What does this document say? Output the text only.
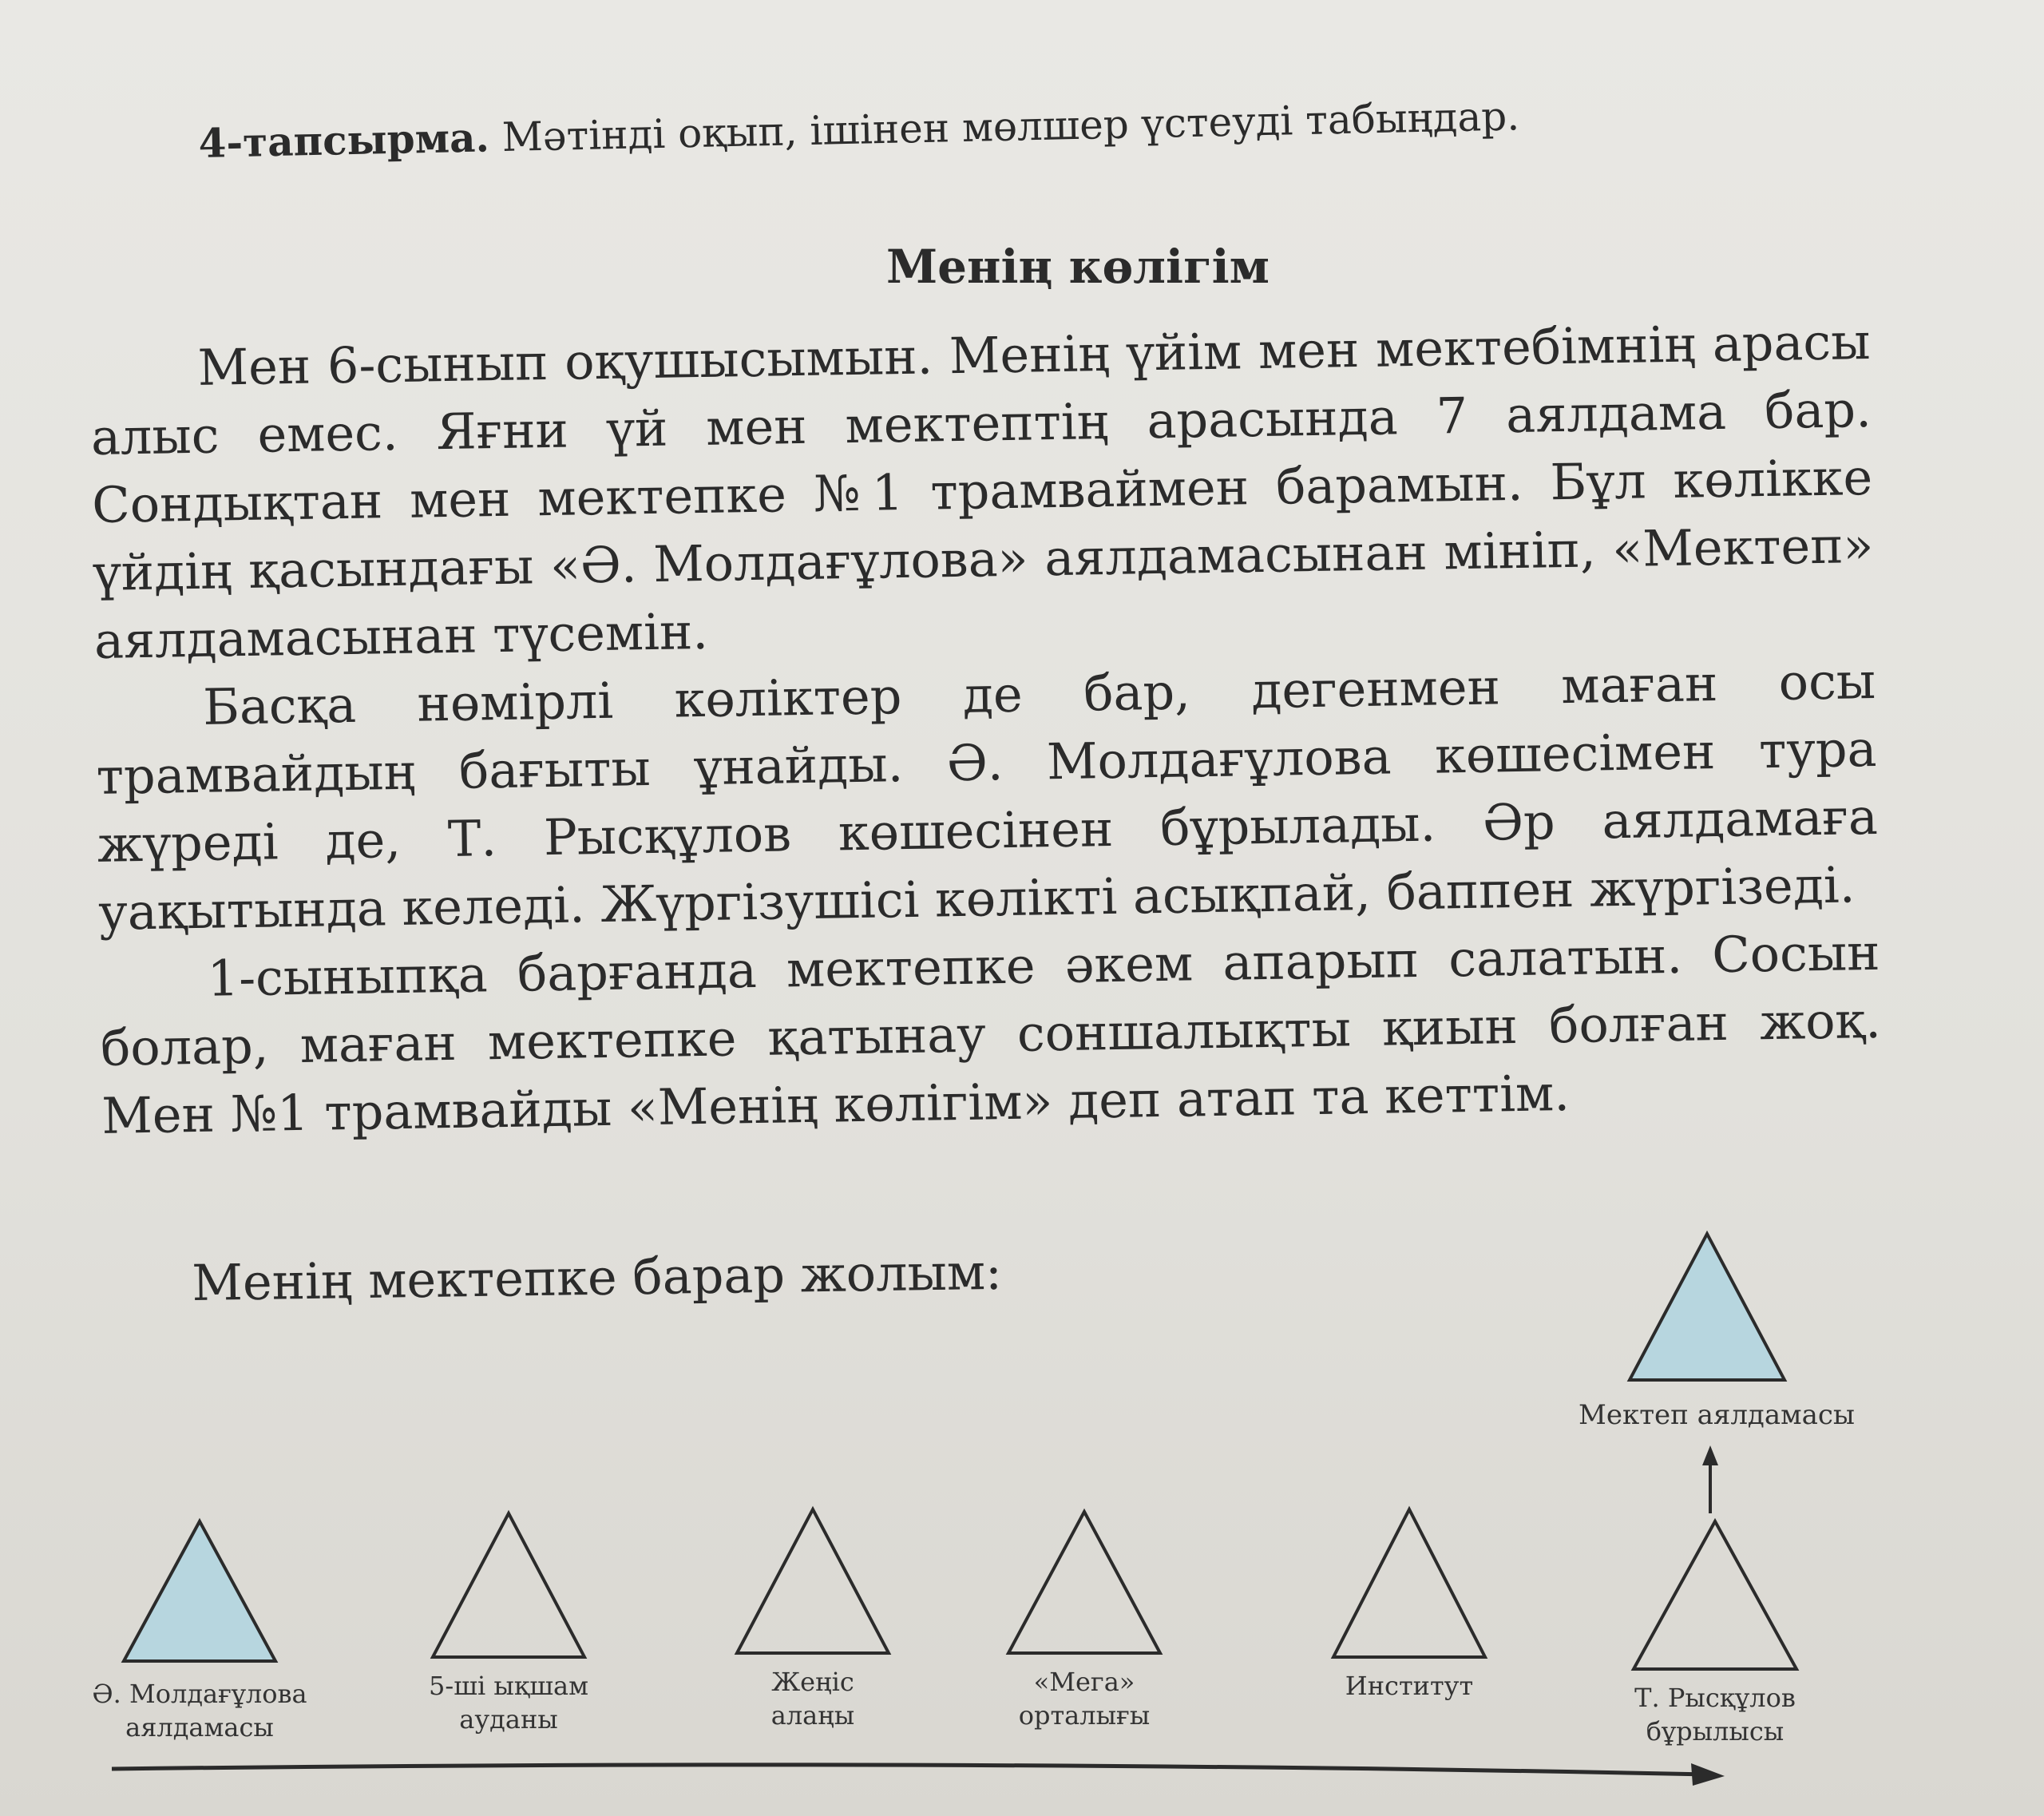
4-тапсырма. Мәтінді оқып, ішінен мөлшер үстеуді табыңдар.
Менің көлігім

Мен 6-сынып оқушысымын. Менің үйім мен мектебімнің арасы алыс емес. Яғни үй мен мектептің арасында 7 аялдама бар. Сондықтан мен мектепке №1 трамваймен барамын. Бұл көлікке үйдің қасындағы «Ә. Молдағұлова» аялдамасынан мініп, «Мектеп» аялдамасынан түсемін.

Басқа нөмірлі көліктер де бар, дегенмен маған осы трамвайдың бағыты ұнайды. Ә. Молдағұлова көшесімен тура жүреді де, Т. Рысқұлов көшесінен бұрылады. Әр аялдамаға уақытында келеді. Жүргізушісі көлікті асықпай, баппен жүргізеді.

1-сыныпқа барғанда мектепке әкем апарып салатын. Сосын болар, маған мектепке қатынау соншалықты қиын болған жоқ. Мен №1 трамвайды «Менің көлігім» деп атап та кеттім.

Менің мектепке барар жолым:
Ә. Молдағұлова
аялдамасы
5-ші ықшам
ауданы
Жеңіс
алаңы
«Мега»
орталығы
Институт	Т. Рысқұлов
бұрылысы
Мектеп аялдамасы
